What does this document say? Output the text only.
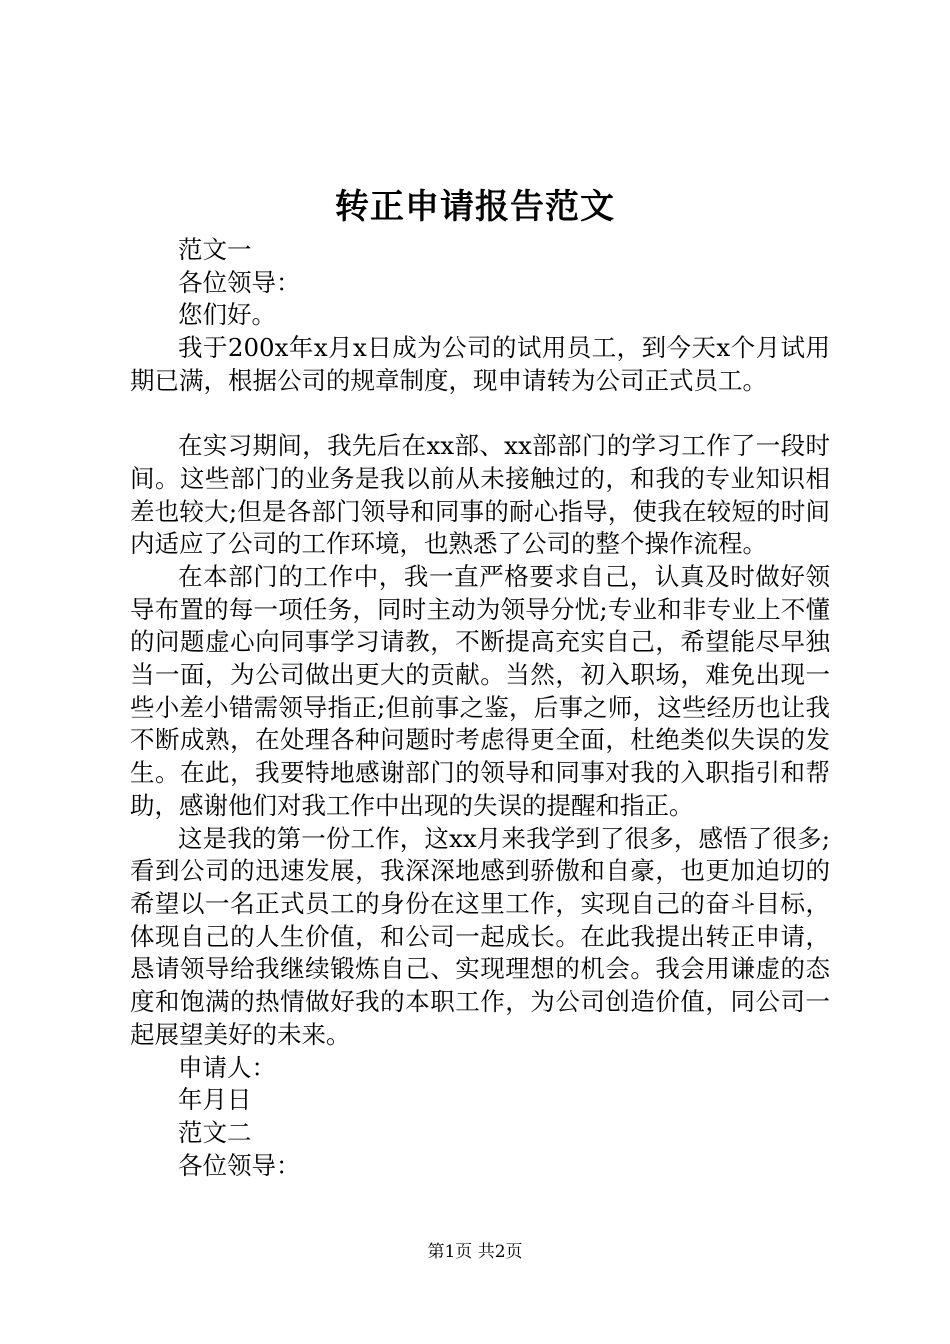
转正申请报告范文

范文一

各位领导：

您们好。

我于200x年x月x日成为公司的试用员工，到今天x个月试用期已满，根据公司的规章制度，现申请转为公司正式员工。

在实习期间，我先后在xx部、xx部部门的学习工作了一段时间。这些部门的业务是我以前从未接触过的，和我的专业知识相差也较大;但是各部门领导和同事的耐心指导，使我在较短的时间内适应了公司的工作环境，也熟悉了公司的整个操作流程。

在本部门的工作中，我一直严格要求自己，认真及时做好领导布置的每一项任务，同时主动为领导分忧;专业和非专业上不懂的问题虚心向同事学习请教，不断提高充实自己，希望能尽早独当一面，为公司做出更大的贡献。当然，初入职场，难免出现一些小差小错需领导指正;但前事之鉴，后事之师，这些经历也让我不断成熟，在处理各种问题时考虑得更全面，杜绝类似失误的发生。在此，我要特地感谢部门的领导和同事对我的入职指引和帮助，感谢他们对我工作中出现的失误的提醒和指正。

这是我的第一份工作，这xx月来我学到了很多，感悟了很多;看到公司的迅速发展，我深深地感到骄傲和自豪，也更加迫切的希望以一名正式员工的身份在这里工作，实现自己的奋斗目标，体现自己的人生价值，和公司一起成长。在此我提出转正申请，恳请领导给我继续锻炼自己、实现理想的机会。我会用谦虚的态度和饱满的热情做好我的本职工作，为公司创造价值，同公司一起展望美好的未来。

申请人：

年月日

范文二

各位领导：

第1页 共2页
